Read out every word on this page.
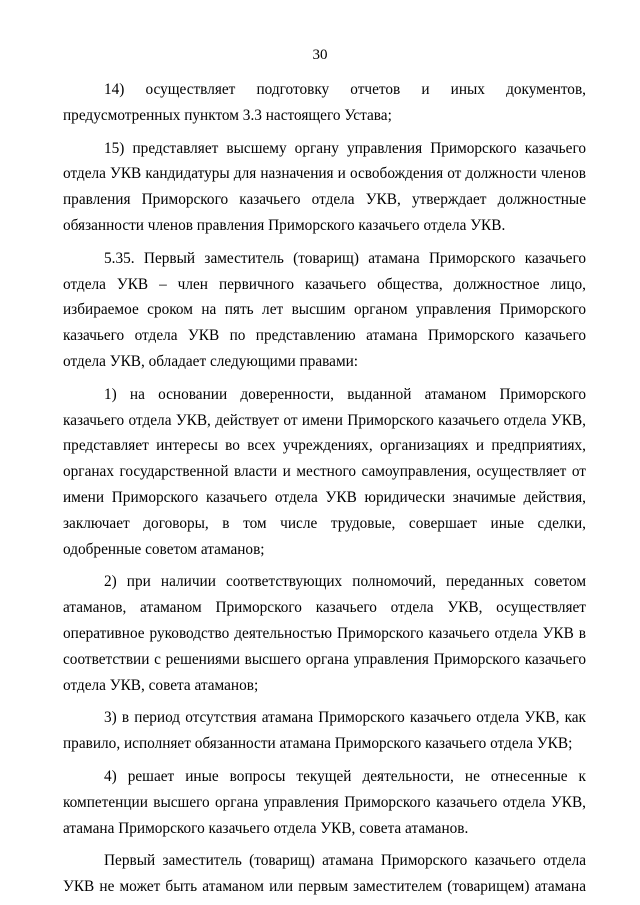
30

14) осуществляет подготовку отчетов и иных документов, предусмотренных пунктом 3.3 настоящего Устава;

15) представляет высшему органу управления Приморского казачьего отдела УКВ кандидатуры для назначения и освобождения от должности членов правления Приморского казачьего отдела УКВ, утверждает должностные обязанности членов правления Приморского казачьего отдела УКВ.

5.35. Первый заместитель (товарищ) атамана Приморского казачьего отдела УКВ – член первичного казачьего общества, должностное лицо, избираемое сроком на пять лет высшим органом управления Приморского казачьего отдела УКВ по представлению атамана Приморского казачьего отдела УКВ, обладает следующими правами:

1) на основании доверенности, выданной атаманом Приморского казачьего отдела УКВ, действует от имени Приморского казачьего отдела УКВ, представляет интересы во всех учреждениях, организациях и предприятиях, органах государственной власти и местного самоуправления, осуществляет от имени Приморского казачьего отдела УКВ юридически значимые действия, заключает договоры, в том числе трудовые, совершает иные сделки, одобренные советом атаманов;

2) при наличии соответствующих полномочий, переданных советом атаманов, атаманом Приморского казачьего отдела УКВ, осуществляет оперативное руководство деятельностью Приморского казачьего отдела УКВ в соответствии с решениями высшего органа управления Приморского казачьего отдела УКВ, совета атаманов;

3) в период отсутствия атамана Приморского казачьего отдела УКВ, как правило, исполняет обязанности атамана Приморского казачьего отдела УКВ;

4) решает иные вопросы текущей деятельности, не отнесенные к компетенции высшего органа управления Приморского казачьего отдела УКВ, атамана Приморского казачьего отдела УКВ, совета атаманов.

Первый заместитель (товарищ) атамана Приморского казачьего отдела УКВ не может быть атаманом или первым заместителем (товарищем) атамана
